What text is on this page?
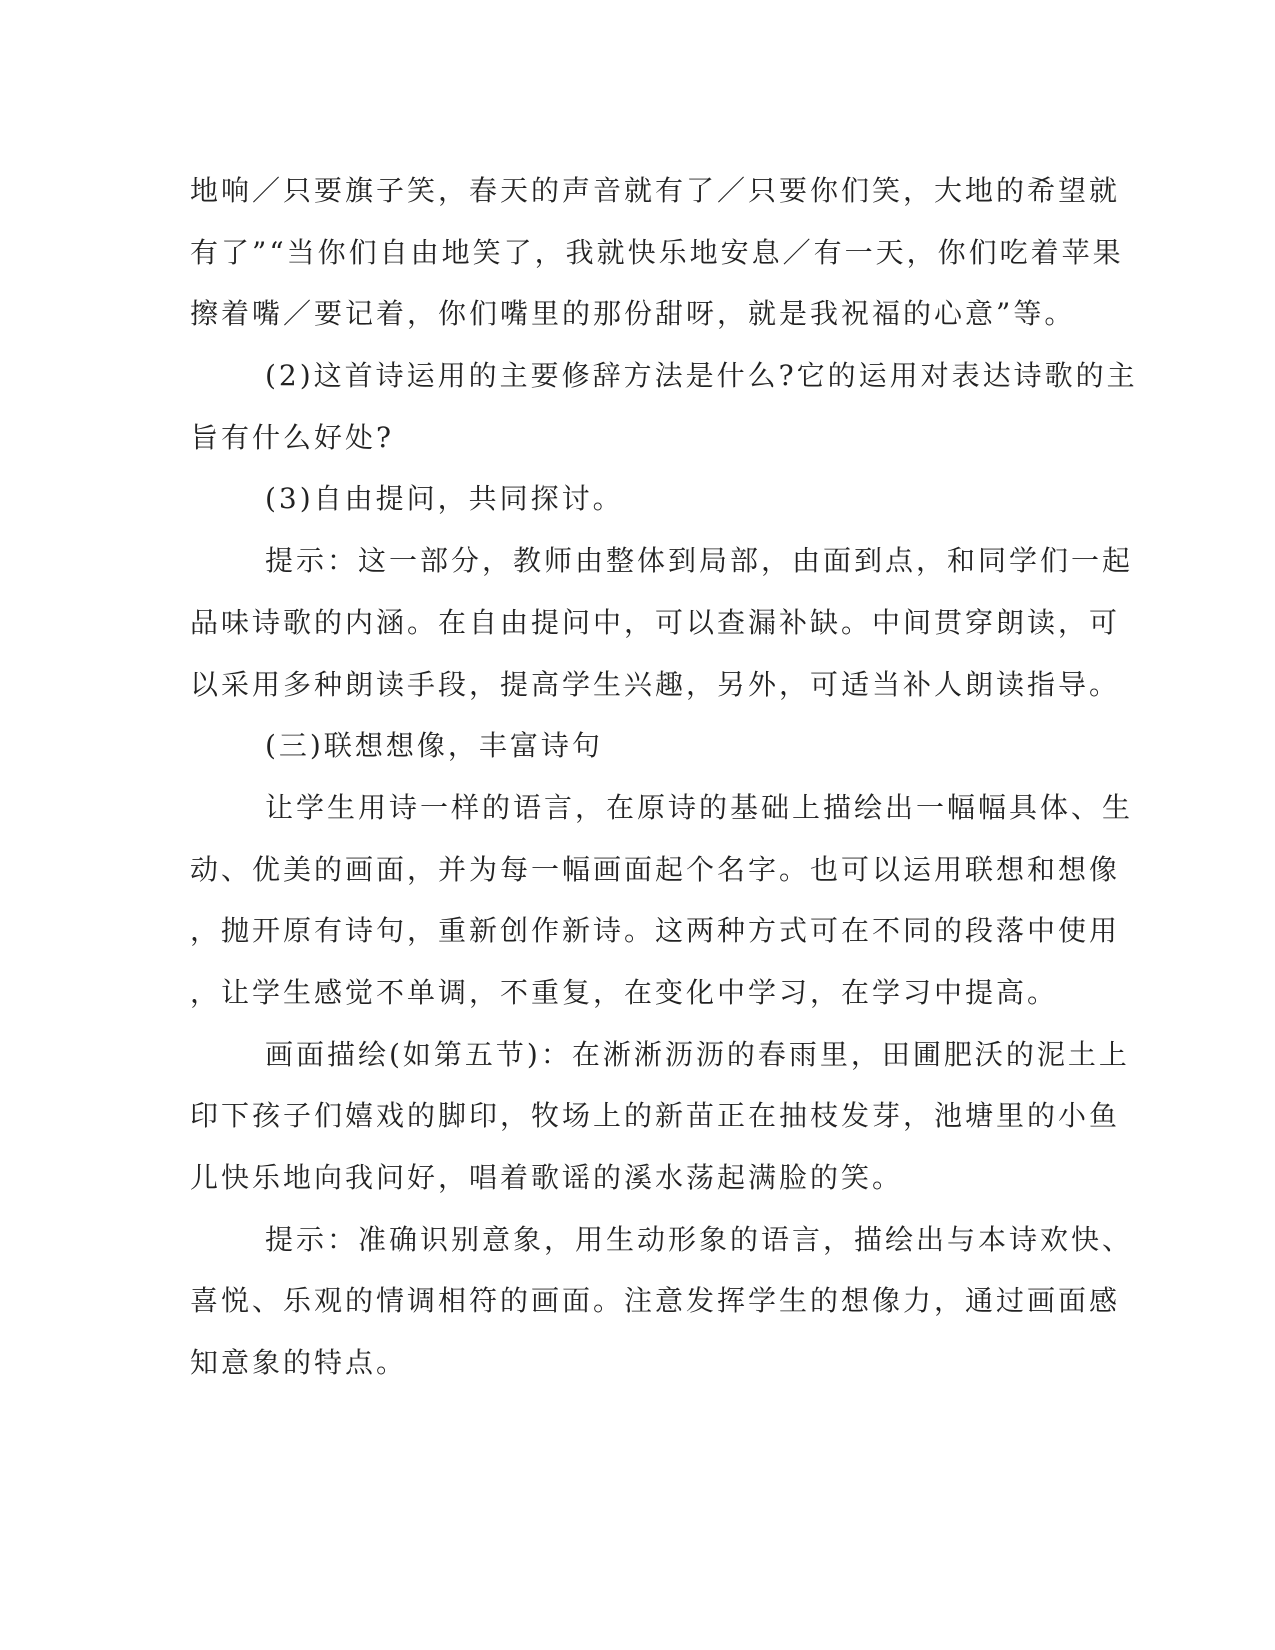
地响／只要旗子笑，春天的声音就有了／只要你们笑，大地的希望就
有了”“当你们自由地笑了，我就快乐地安息／有一天，你们吃着苹果
擦着嘴／要记着，你们嘴里的那份甜呀，就是我祝福的心意”等。
(2)这首诗运用的主要修辞方法是什么?它的运用对表达诗歌的主
旨有什么好处?
(3)自由提问，共同探讨。
提示：这一部分，教师由整体到局部，由面到点，和同学们一起
品味诗歌的内涵。在自由提问中，可以查漏补缺。中间贯穿朗读，可
以采用多种朗读手段，提高学生兴趣，另外，可适当补人朗读指导。
(三)联想想像，丰富诗句
让学生用诗一样的语言，在原诗的基础上描绘出一幅幅具体、生
动、优美的画面，并为每一幅画面起个名字。也可以运用联想和想像
，抛开原有诗句，重新创作新诗。这两种方式可在不同的段落中使用
，让学生感觉不单调，不重复，在变化中学习，在学习中提高。
画面描绘(如第五节)：在淅淅沥沥的春雨里，田圃肥沃的泥土上
印下孩子们嬉戏的脚印，牧场上的新苗正在抽枝发芽，池塘里的小鱼
儿快乐地向我问好，唱着歌谣的溪水荡起满脸的笑。
提示：准确识别意象，用生动形象的语言，描绘出与本诗欢快、
喜悦、乐观的情调相符的画面。注意发挥学生的想像力，通过画面感
知意象的特点。
